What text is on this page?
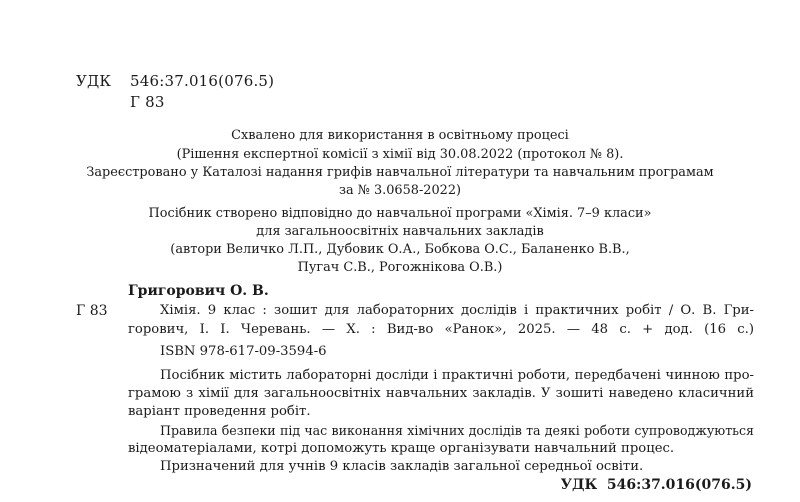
УДК 546:37.016(076.5)
Г 83
Схвалено для використання в освітньому процесі
(Рішення експертної комісії з хімії від 30.08.2022 (протокол № 8).
Зареєстровано у Каталозі надання грифів навчальної літератури та навчальним програмам
за № 3.0658-2022)
Посібник створено відповідно до навчальної програми «Хімія. 7–9 класи»
для загальноосвітніх навчальних закладів
(автори Величко Л.П., Дубовик О.А., Бобкова О.С., Баланенко В.В.,
Пугач С.В., Рогожнікова О.В.)
Григорович О. В.
Г 83	Хімія. 9 клас : зошит для лабораторних дослідів і практичних робіт / О. В. Гри-
горович, І. І. Черевань. — Х. : Вид-во «Ранок», 2025. — 48 с. + дод. (16 с.)
ISBN 978-617-09-3594-6
Посібник містить лабораторні досліди і практичні роботи, передбачені чинною про-
грамою з хімії для загальноосвітніх навчальних закладів. У зошиті наведено класичний
варіант проведення робіт.
Правила безпеки під час виконання хімічних дослідів та деякі роботи супроводжуються
відеоматеріалами, котрі допоможуть краще організувати навчальний процес.
Призначений для учнів 9 класів закладів загальної середньої освіти.
УДК  546:37.016(076.5)
